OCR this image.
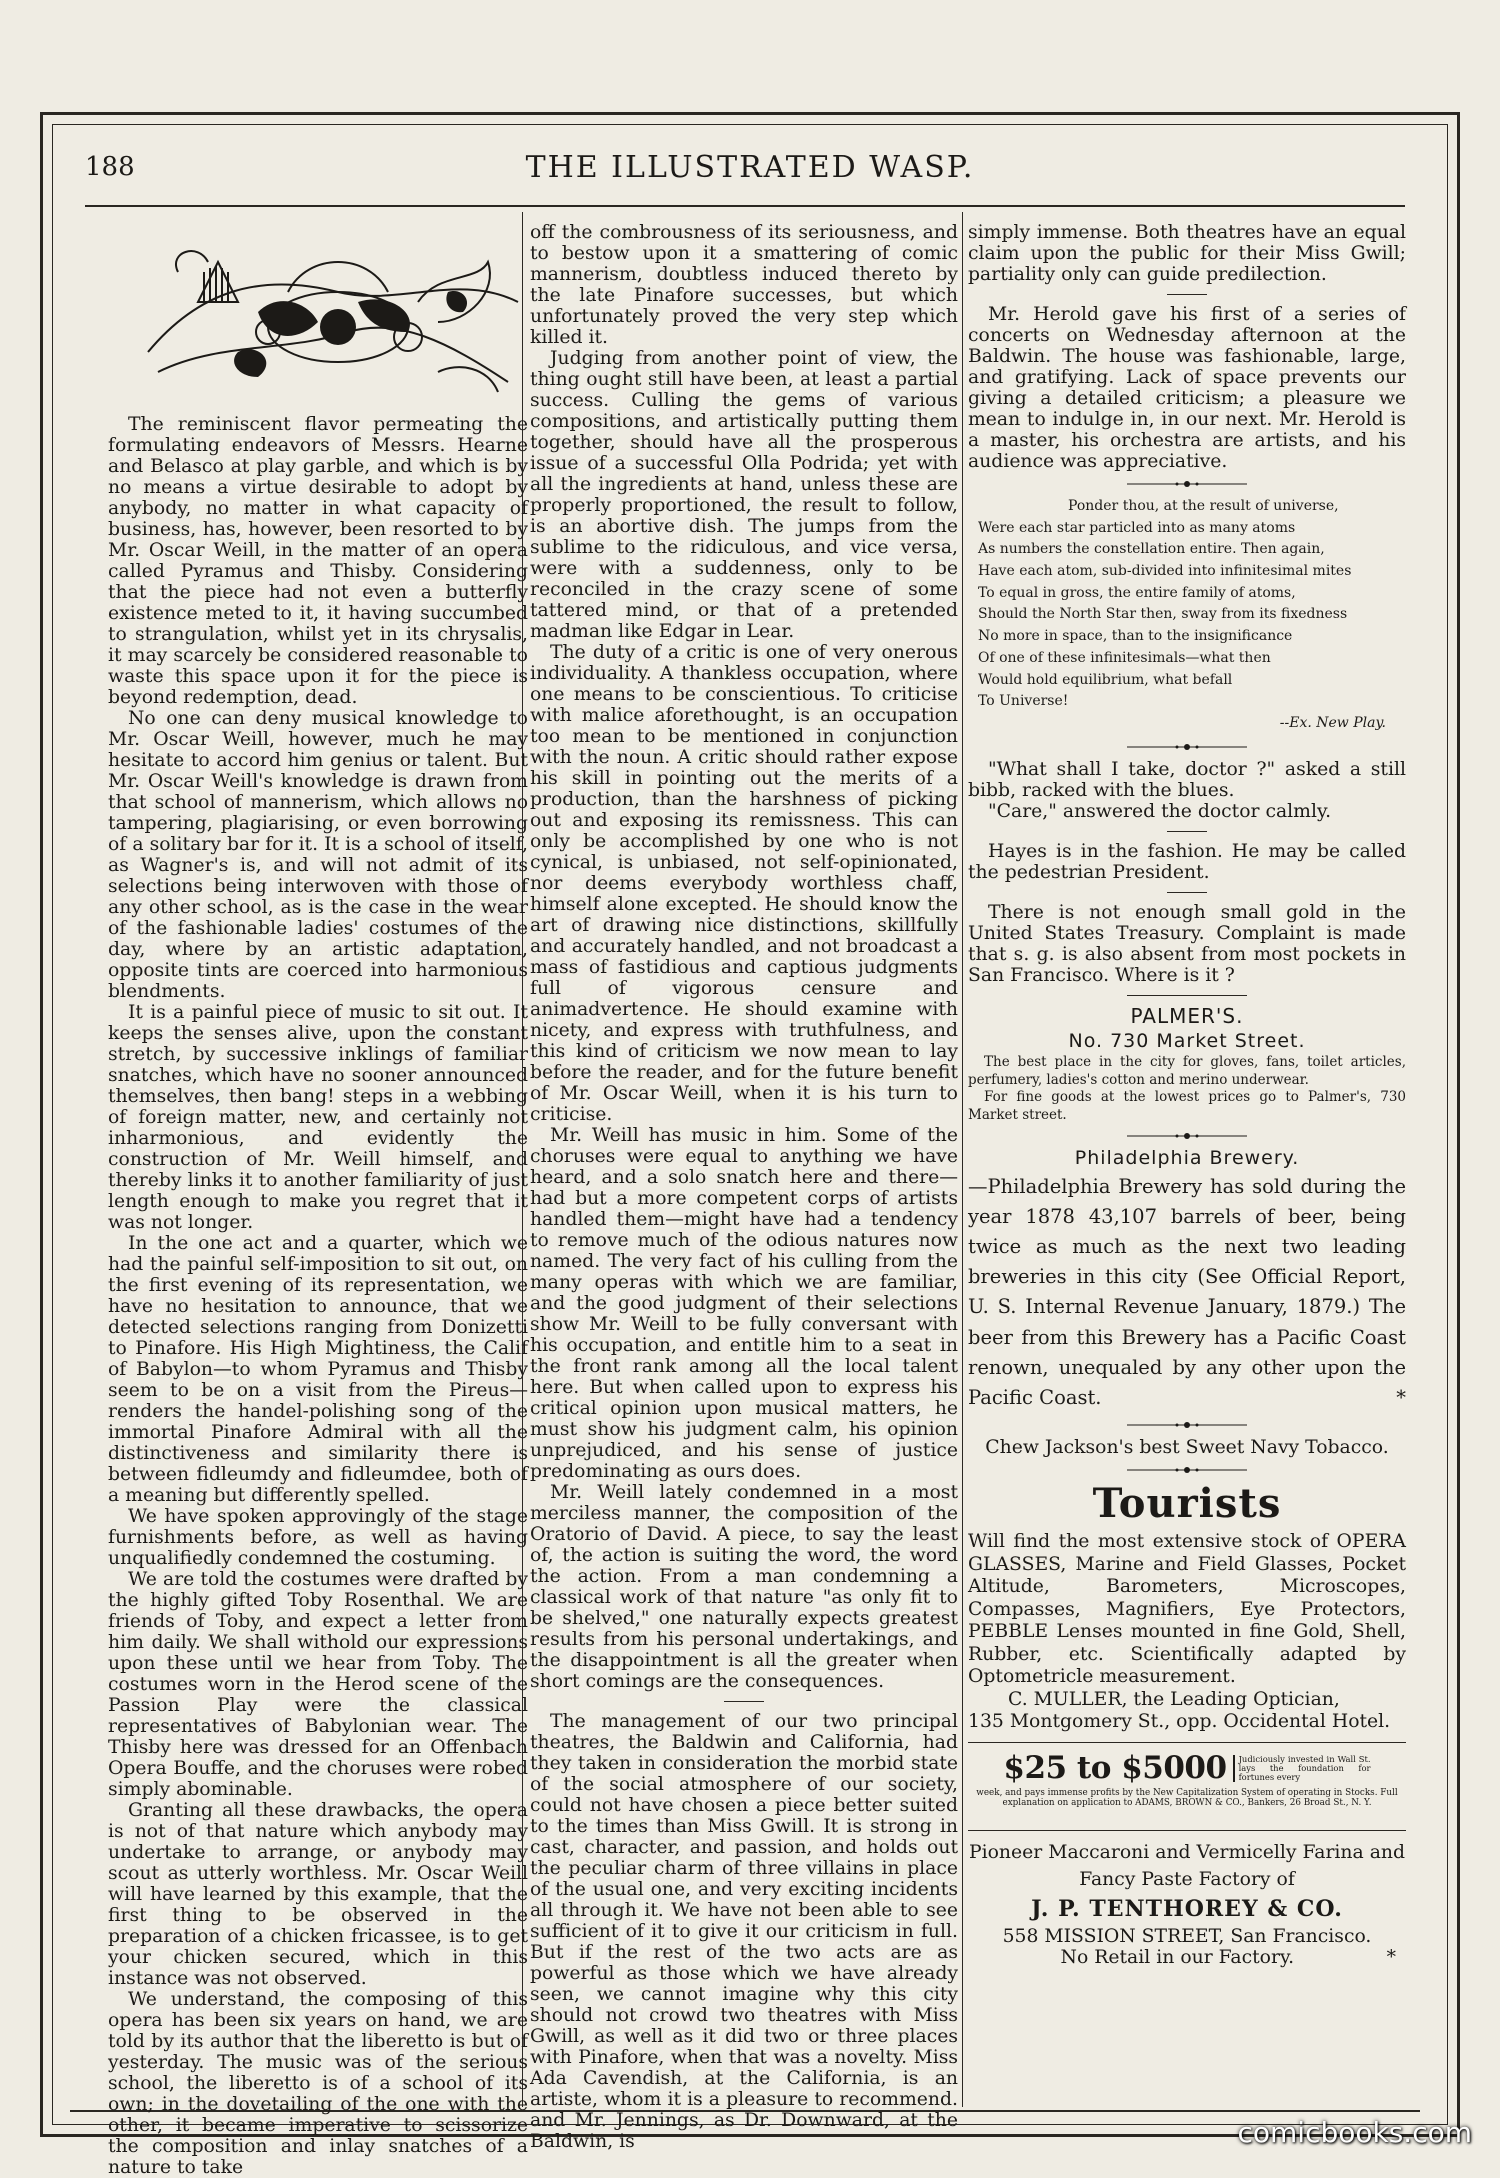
188	THE ILLUSTRATED WASP.

The reminiscent flavor permeating the formulating endeavors of Messrs. Hearne and Belasco at play garble, and which is by no means a virtue desirable to adopt by anybody, no matter in what capacity of business, has, however, been resorted to by Mr. Oscar Weill, in the matter of an opera called Pyramus and Thisby. Considering that the piece had not even a butterfly existence meted to it, it having succumbed to strangulation, whilst yet in its chrysalis, it may scarcely be considered reasonable to waste this space upon it for the piece is beyond redemption, dead.

No one can deny musical knowledge to Mr. Oscar Weill, however, much he may hesitate to accord him genius or talent. But Mr. Oscar Weill's knowledge is drawn from that school of mannerism, which allows no tampering, plagiarising, or even borrowing of a solitary bar for it. It is a school of itself, as Wagner's is, and will not admit of its selections being interwoven with those of any other school, as is the case in the wear of the fashionable ladies' costumes of the day, where by an artistic adaptation, opposite tints are coerced into harmonious blendments.

It is a painful piece of music to sit out. It keeps the senses alive, upon the constant stretch, by successive inklings of familiar snatches, which have no sooner announced themselves, then bang! steps in a webbing of foreign matter, new, and certainly not inharmonious, and evidently the construction of Mr. Weill himself, and thereby links it to another familiarity of just length enough to make you regret that it was not longer.

In the one act and a quarter, which we had the painful self-imposition to sit out, on the first evening of its representation, we have no hesitation to announce, that we detected selections ranging from Donizetti to Pinafore. His High Mightiness, the Calif of Babylon—to whom Pyramus and Thisby seem to be on a visit from the Pireus—renders the handel-polishing song of the immortal Pinafore Admiral with all the distinctiveness and similarity there is between fidleumdy and fidleumdee, both of a meaning but differently spelled.

We have spoken approvingly of the stage furnishments before, as well as having unqualifiedly condemned the costuming.

We are told the costumes were drafted by the highly gifted Toby Rosenthal. We are friends of Toby, and expect a letter from him daily. We shall withold our expressions upon these until we hear from Toby. The costumes worn in the Herod scene of the Passion Play were the classical representatives of Babylonian wear. The Thisby here was dressed for an Offenbach Opera Bouffe, and the choruses were robed simply abominable.

Granting all these drawbacks, the opera is not of that nature which anybody may undertake to arrange, or anybody may scout as utterly worthless. Mr. Oscar Weill will have learned by this example, that the first thing to be observed in the preparation of a chicken fricassee, is to get your chicken secured, which in this instance was not observed.

We understand, the composing of this opera has been six years on hand, we are told by its author that the liberetto is but of yesterday. The music was of the serious school, the liberetto is of a school of its own; in the dovetailing of the one with the other, it became imperative to scissorize the composition and inlay snatches of a nature to take

off the combrousness of its seriousness, and to bestow upon it a smattering of comic mannerism, doubtless induced thereto by the late Pinafore successes, but which unfortunately proved the very step which killed it.

Judging from another point of view, the thing ought still have been, at least a partial success. Culling the gems of various compositions, and artistically putting them together, should have all the prosperous issue of a successful Olla Podrida; yet with all the ingredients at hand, unless these are properly proportioned, the result to follow, is an abortive dish. The jumps from the sublime to the ridiculous, and vice versa, were with a suddenness, only to be reconciled in the crazy scene of some tattered mind, or that of a pretended madman like Edgar in Lear.

The duty of a critic is one of very onerous individuality. A thankless occupation, where one means to be conscientious. To criticise with malice aforethought, is an occupation too mean to be mentioned in conjunction with the noun. A critic should rather expose his skill in pointing out the merits of a production, than the harshness of picking out and exposing its remissness. This can only be accomplished by one who is not cynical, is unbiased, not self-opinionated, nor deems everybody worthless chaff, himself alone excepted. He should know the art of drawing nice distinctions, skillfully and accurately handled, and not broadcast a mass of fastidious and captious judgments full of vigorous censure and animadvertence. He should examine with nicety, and express with truthfulness, and this kind of criticism we now mean to lay before the reader, and for the future benefit of Mr. Oscar Weill, when it is his turn to criticise.

Mr. Weill has music in him. Some of the choruses were equal to anything we have heard, and a solo snatch here and there—had but a more competent corps of artists handled them—might have had a tendency to remove much of the odious natures now named. The very fact of his culling from the many operas with which we are familiar, and the good judgment of their selections show Mr. Weill to be fully conversant with his occupation, and entitle him to a seat in the front rank among all the local talent here. But when called upon to express his critical opinion upon musical matters, he must show his judgment calm, his opinion unprejudiced, and his sense of justice predominating as ours does.

Mr. Weill lately condemned in a most merciless manner, the composition of the Oratorio of David. A piece, to say the least of, the action is suiting the word, the word the action. From a man condemning a classical work of that nature "as only fit to be shelved," one naturally expects greatest results from his personal undertakings, and the disappointment is all the greater when short comings are the consequences.

The management of our two principal theatres, the Baldwin and California, had they taken in consideration the morbid state of the social atmosphere of our society, could not have chosen a piece better suited to the times than Miss Gwill. It is strong in cast, character, and passion, and holds out the peculiar charm of three villains in place of the usual one, and very exciting incidents all through it. We have not been able to see sufficient of it to give it our criticism in full. But if the rest of the two acts are as powerful as those which we have already seen, we cannot imagine why this city should not crowd two theatres with Miss Gwill, as well as it did two or three places with Pinafore, when that was a novelty. Miss Ada Cavendish, at the California, is an artiste, whom it is a pleasure to recommend. and Mr. Jennings, as Dr. Downward, at the Baldwin, is

simply immense. Both theatres have an equal claim upon the public for their Miss Gwill; partiality only can guide predilection.

Mr. Herold gave his first of a series of concerts on Wednesday afternoon at the Baldwin. The house was fashionable, large, and gratifying. Lack of space prevents our giving a detailed criticism; a pleasure we mean to indulge in, in our next. Mr. Herold is a master, his orchestra are artists, and his audience was appreciative.

Ponder thou, at the result of universe,
Were each star particled into as many atoms
As numbers the constellation entire. Then again,
Have each atom, sub-divided into infinitesimal mites
To equal in gross, the entire family of atoms,
Should the North Star then, sway from its fixedness
No more in space, than to the insignificance
Of one of these infinitesimals—what then
Would hold equilibrium, what befall
To Universe!
--Ex. New Play.

"What shall I take, doctor ?" asked a still bibb, racked with the blues.

"Care," answered the doctor calmly.

Hayes is in the fashion. He may be called the pedestrian President.

There is not enough small gold in the United States Treasury. Complaint is made that s. g. is also absent from most pockets in San Francisco. Where is it ?

PALMER'S.
No. 730 Market Street.

The best place in the city for gloves, fans, toilet articles, perfumery, ladies's cotton and merino underwear.

For fine goods at the lowest prices go to Palmer's, 730 Market street.

Philadelphia Brewery.
—Philadelphia Brewery has sold during the year 1878 43,107 barrels of beer, being twice as much as the next two leading breweries in this city (See Official Report, U. S. Internal Revenue January, 1879.) The beer from this Brewery has a Pacific Coast renown, unequaled by any other upon the Pacific Coast.	*
Chew Jackson's best Sweet Navy Tobacco.
Tourists
Will find the most extensive stock of OPERA GLASSES, Marine and Field Glasses, Pocket Altitude, Barometers, Microscopes, Compasses, Magnifiers, Eye Protectors, PEBBLE Lenses mounted in fine Gold, Shell, Rubber, etc. Scientifically adapted by Optometricle measurement.
C. MULLER, the Leading Optician,
135 Montgomery St., opp. Occidental Hotel.
$25 to $5000	Judiciously invested in Wall St. lays the foundation for fortunes every
week, and pays immense profits by the New Capitalization System of operating in Stocks. Full explanation on application to ADAMS, BROWN & CO., Bankers, 26 Broad St., N. Y.
Pioneer Maccaroni and Vermicelly Farina and Fancy Paste Factory of
J. P. TENTHOREY & CO.
558 MISSION STREET, San Francisco.
No Retail in our Factory.	*
comicbooks.com
